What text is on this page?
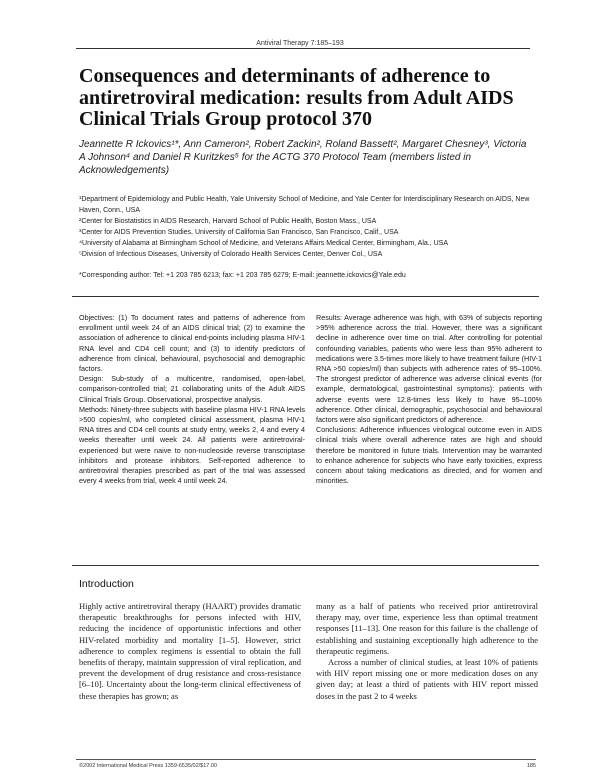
Antiviral Therapy 7:185–193
Consequences and determinants of adherence to antiretroviral medication: results from Adult AIDS Clinical Trials Group protocol 370
Jeannette R Ickovics¹*, Ann Cameron², Robert Zackin², Roland Bassett², Margaret Chesney³, Victoria A Johnson⁴ and Daniel R Kuritzkes⁵ for the ACTG 370 Protocol Team (members listed in Acknowledgements)
¹Department of Epidemiology and Public Health, Yale University School of Medicine, and Yale Center for Interdisciplinary Research on AIDS, New Haven, Conn., USA
²Center for Biostatistics in AIDS Research, Harvard School of Public Health, Boston Mass., USA
³Center for AIDS Prevention Studies, University of California San Francisco, San Francisco, Calif., USA
⁴University of Alabama at Birmingham School of Medicine, and Veterans Affairs Medical Center, Birmingham, Ala., USA
⁵Division of Infectious Diseases, University of Colorado Health Services Center, Denver Col., USA
*Corresponding author: Tel: +1 203 785 6213; fax: +1 203 785 6279; E-mail: jeannette.ickovics@Yale.edu

Objectives: (1) To document rates and patterns of adherence from enrollment until week 24 of an AIDS clinical trial; (2) to examine the association of adherence to clinical end-points including plasma HIV-1 RNA level and CD4 cell count; and (3) to identify predictors of adherence from clinical, behavioural, psychosocial and demographic factors.

Design: Sub-study of a multicentre, randomised, open-label, comparison-controlled trial; 21 collaborating units of the Adult AIDS Clinical Trials Group. Observational, prospective analysis.

Methods: Ninety-three subjects with baseline plasma HIV-1 RNA levels >500 copies/ml, who completed clinical assessment, plasma HIV-1 RNA titres and CD4 cell counts at study entry, weeks 2, 4 and every 4 weeks thereafter until week 24. All patients were antiretroviral-experienced but were naive to non-nucleoside reverse transcriptase inhibitors and protease inhibitors. Self-reported adherence to antiretroviral therapies prescribed as part of the trial was assessed every 4 weeks from trial, week 4 until week 24.

Results: Average adherence was high, with 63% of subjects reporting >95% adherence across the trial. However, there was a significant decline in adherence over time on trial. After controlling for potential confounding variables, patients who were less than 95% adherent to medications were 3.5-times more likely to have treatment failure (HIV-1 RNA >50 copies/ml) than subjects with adherence rates of 95–100%. The strongest predictor of adherence was adverse clinical events (for example, dermatological, gastrointestinal symptoms): patients with adverse events were 12.8-times less likely to have 95–100% adherence. Other clinical, demographic, psychosocial and behavioural factors were also significant predictors of adherence.

Conclusions: Adherence influences virological outcome even in AIDS clinical trials where overall adherence rates are high and should therefore be monitored in future trials. Intervention may be warranted to enhance adherence for subjects who have early toxicities, express concern about taking medications as directed, and for women and minorities.

Introduction

Highly active antiretroviral therapy (HAART) provides dramatic therapeutic breakthroughs for persons infected with HIV, reducing the incidence of opportunistic infections and other HIV-related morbidity and mortality [1–5]. However, strict adherence to complex regimens is essential to obtain the full benefits of therapy, maintain suppression of viral replication, and prevent the development of drug resistance and cross-resistance [6–10]. Uncertainty about the long-term clinical effectiveness of these therapies has grown; as

many as a half of patients who received prior antiretroviral therapy may, over time, experience less than optimal treatment responses [11–13]. One reason for this failure is the challenge of establishing and sustaining exceptionally high adherence to the therapeutic regimens.

Across a number of clinical studies, at least 10% of patients with HIV report missing one or more medication doses on any given day; at least a third of patients with HIV report missed doses in the past 2 to 4 weeks

©2002 International Medical Press 1359-6535/02/$17.00	185
